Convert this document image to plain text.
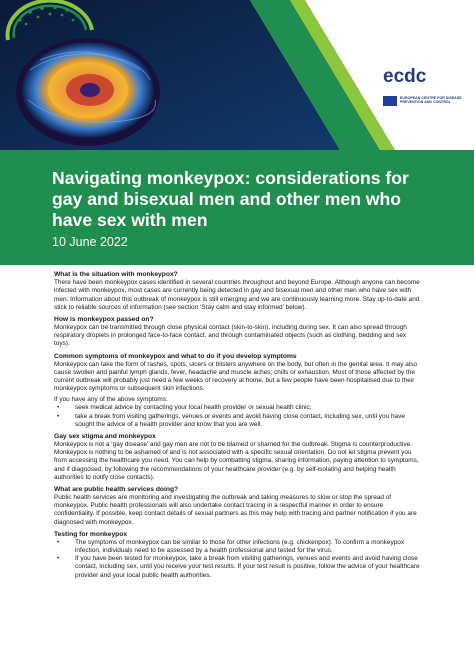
ecdc
EUROPEAN CENTRE FOR DISEASE PREVENTION AND CONTROL
Navigating monkeypox: considerations for gay and bisexual men and other men who have sex with men
10 June 2022
What is the situation with monkeypox?

There have been monkeypox cases identified in several countries throughout and beyond Europe. Although anyone can become infected with monkeypox, most cases are currently being detected in gay and bisexual men and other men who have sex with men. Information about this outbreak of monkeypox is still emerging and we are continuously learning more. Stay up-to-date and stick to reliable sources of information (see section ‘Stay calm and stay informed’ below).

How is monkeypox passed on?

Monkeypox can be transmitted through close physical contact (skin-to-skin), including during sex. It can also spread through respiratory droplets in prolonged face-to-face contact, and through contaminated objects (such as clothing, bedding and sex toys).

Common symptoms of monkeypox and what to do if you develop symptoms

Monkeypox can take the form of rashes, spots, ulcers or blisters anywhere on the body, but often in the genital area. It may also cause swollen and painful lymph glands, fever, headache and muscle aches; chills or exhaustion. Most of those affected by the current outbreak will probably just need a few weeks of recovery at home, but a few people have been hospitalised due to their monkeypox symptoms or subsequent skin infections.

If you have any of the above symptoms:

• seek medical advice by contacting your local health provider or sexual health clinic;
• take a break from visiting gatherings, venues or events and avoid having close contact, including sex, until you have sought the advice of a health provider and know that you are well.
Gay sex stigma and monkeypox

Monkeypox is not a ‘gay disease’ and gay men are not to be blamed or shamed for the outbreak. Stigma is counterproductive. Monkeypox is nothing to be ashamed of and is not associated with a specific sexual orientation. Do not let stigma prevent you from accessing the healthcare you need. You can help by combatting stigma, sharing information, paying attention to symptoms, and if diagnosed, by following the recommendations of your healthcare provider (e.g. by self-isolating and helping health authorities to notify close contacts).

What are public health services doing?

Public health services are monitoring and investigating the outbreak and taking measures to slow or stop the spread of monkeypox. Public health professionals will also undertake contact tracing in a respectful manner in order to ensure confidentiality. If possible, keep contact details of sexual partners as this may help with tracing and partner notification if you are diagnosed with monkeypox.

Testing for monkeypox
• The symptoms of monkeypox can be similar to those for other infections (e.g. chickenpox). To confirm a monkeypox infection, individuals need to be assessed by a health professional and tested for the virus.
• If you have been tested for monkeypox, take a break from visiting gatherings, venues and events and avoid having close contact, including sex, until you receive your test results. If your test result is positive, follow the advice of your healthcare provider and your local public health authorities.
